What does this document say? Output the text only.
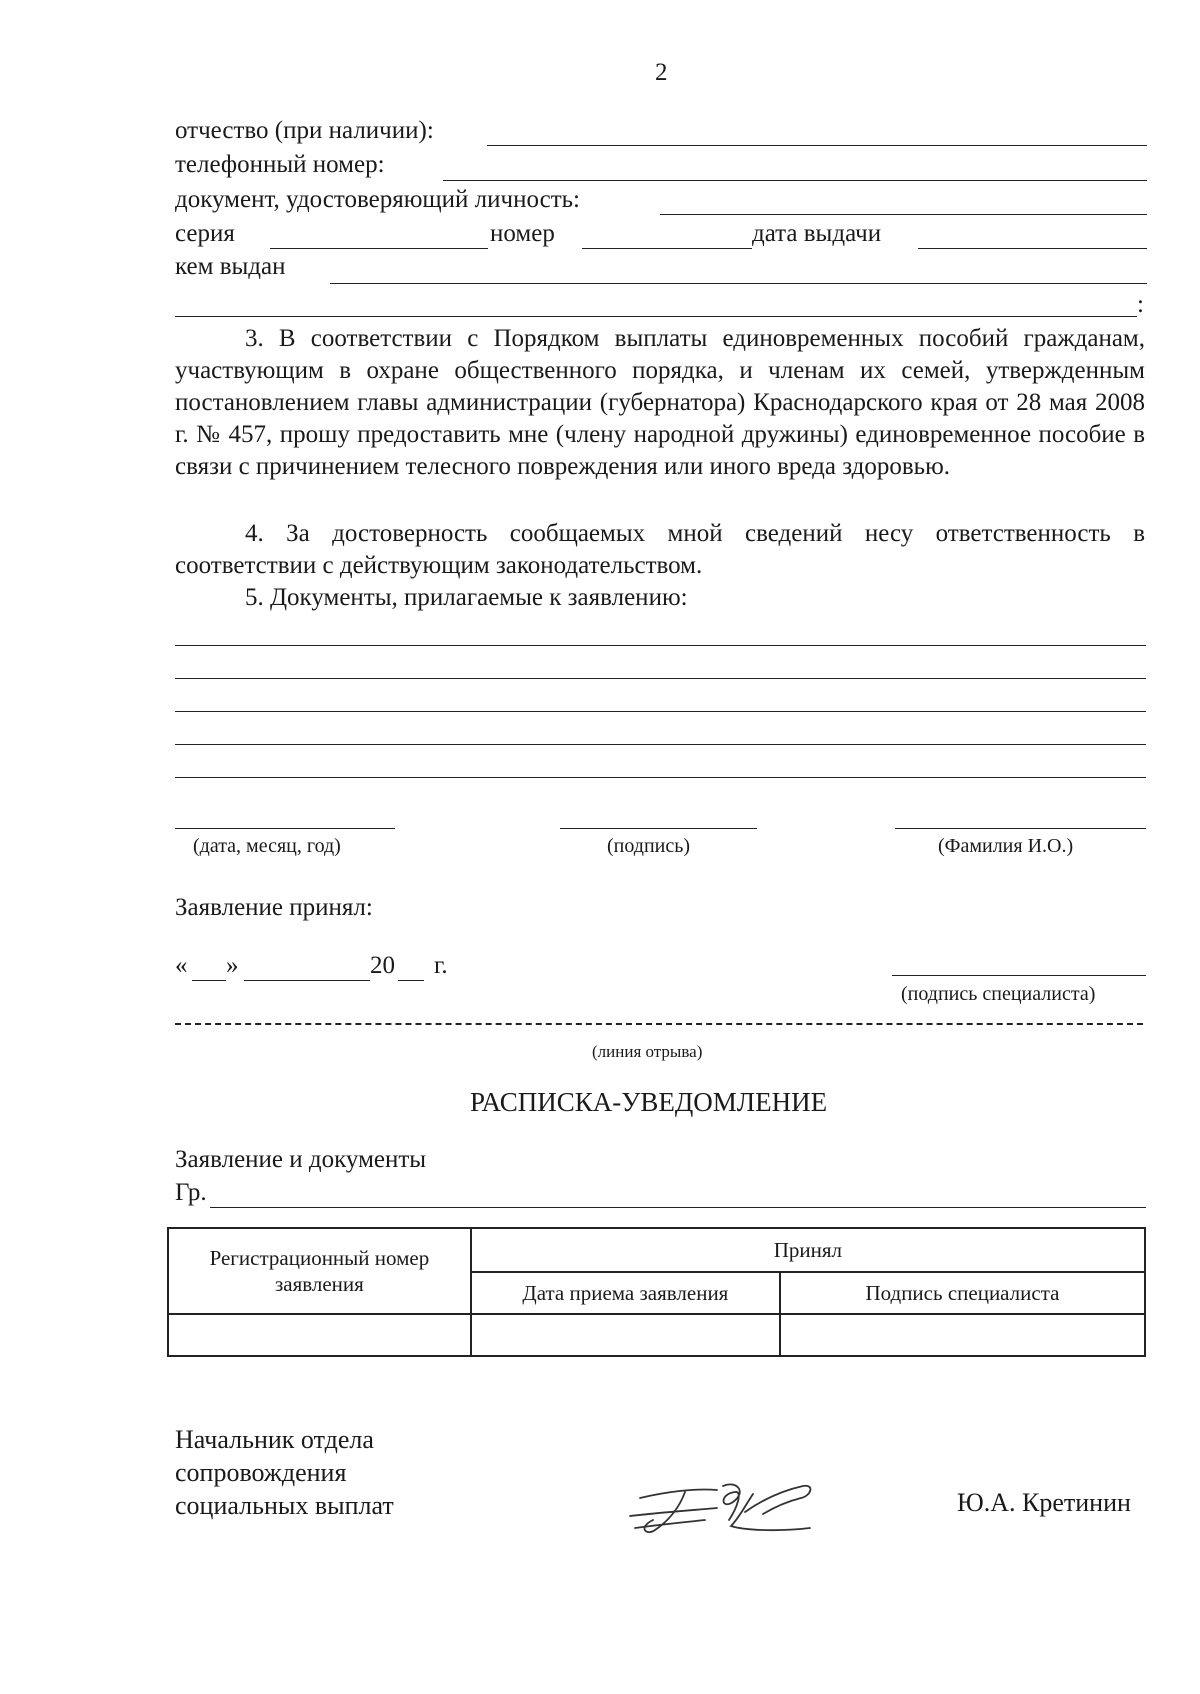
2
отчество (при наличии):
телефонный номер:
документ, удостоверяющий личность:
серия	номер	дата выдачи
кем выдан
:
3. В соответствии с Порядком выплаты единовременных пособий гражданам, участвующим в охране общественного порядка, и членам их семей, утвержденным постановлением главы администрации (губернатора) Краснодарского края от 28 мая 2008 г. № 457, прошу предоставить мне (члену народной дружины) единовременное пособие в связи с причинением телесного повреждения или иного вреда здоровью.
4. За достоверность сообщаемых мной сведений несу ответственность в соответствии с действующим законодательством.
5. Документы, прилагаемые к заявлению:
(дата, месяц, год)	(подпись)	(Фамилия И.О.)
Заявление принял:
« »	20 г.
(подпись специалиста)
(линия отрыва)
РАСПИСКА-УВЕДОМЛЕНИЕ
Заявление и документы
Гр.
Регистрационный номер заявления	Принял	
	Дата приема заявления	Подпись специалиста

Начальник отдела
сопровождения
социальных выплат	Ю.А. Кретинин
